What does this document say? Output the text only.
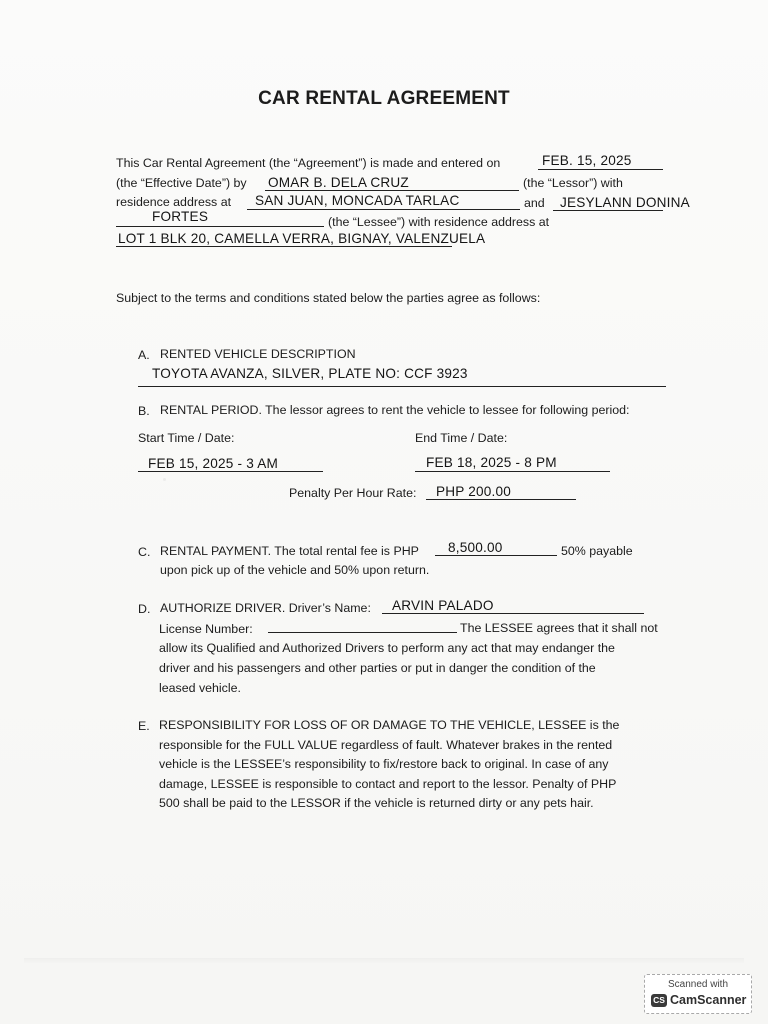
CAR RENTAL AGREEMENT
This Car Rental Agreement (the “Agreement”) is made and entered on	FEB. 15, 2025
(the “Effective Date”) by OMAR B. DELA CRUZ	(the “Lessor”) with
residence address at SAN JUAN, MONCADA TARLAC	and JESYLANN DONINA
FORTES	(the “Lessee”) with residence address at
LOT 1 BLK 20, CAMELLA VERRA, BIGNAY, VALENZUELA
Subject to the terms and conditions stated below the parties agree as follows:
A. RENTED VEHICLE DESCRIPTION
TOYOTA AVANZA, SILVER, PLATE NO: CCF 3923
B. RENTAL PERIOD. The lessor agrees to rent the vehicle to lessee for following period:
Start Time / Date:	End Time / Date:
FEB 15, 2025 - 3 AM	FEB 18, 2025 - 8 PM
Penalty Per Hour Rate: PHP 200.00
C. RENTAL PAYMENT. The total rental fee is PHP 8,500.00	50% payable
upon pick up of the vehicle and 50% upon return.
D. AUTHORIZE DRIVER. Driver’s Name: ARVIN PALADO
License Number:	The LESSEE agrees that it shall not
allow its Qualified and Authorized Drivers to perform any act that may endanger the
driver and his passengers and other parties or put in danger the condition of the
leased vehicle.
E. RESPONSIBILITY FOR LOSS OF OR DAMAGE TO THE VEHICLE, LESSEE is the
responsible for the FULL VALUE regardless of fault. Whatever brakes in the rented
vehicle is the LESSEE’s responsibility to fix/restore back to original. In case of any
damage, LESSEE is responsible to contact and report to the lessor. Penalty of PHP
500 shall be paid to the LESSOR if the vehicle is returned dirty or any pets hair.
Scanned with
CS CamScanner
